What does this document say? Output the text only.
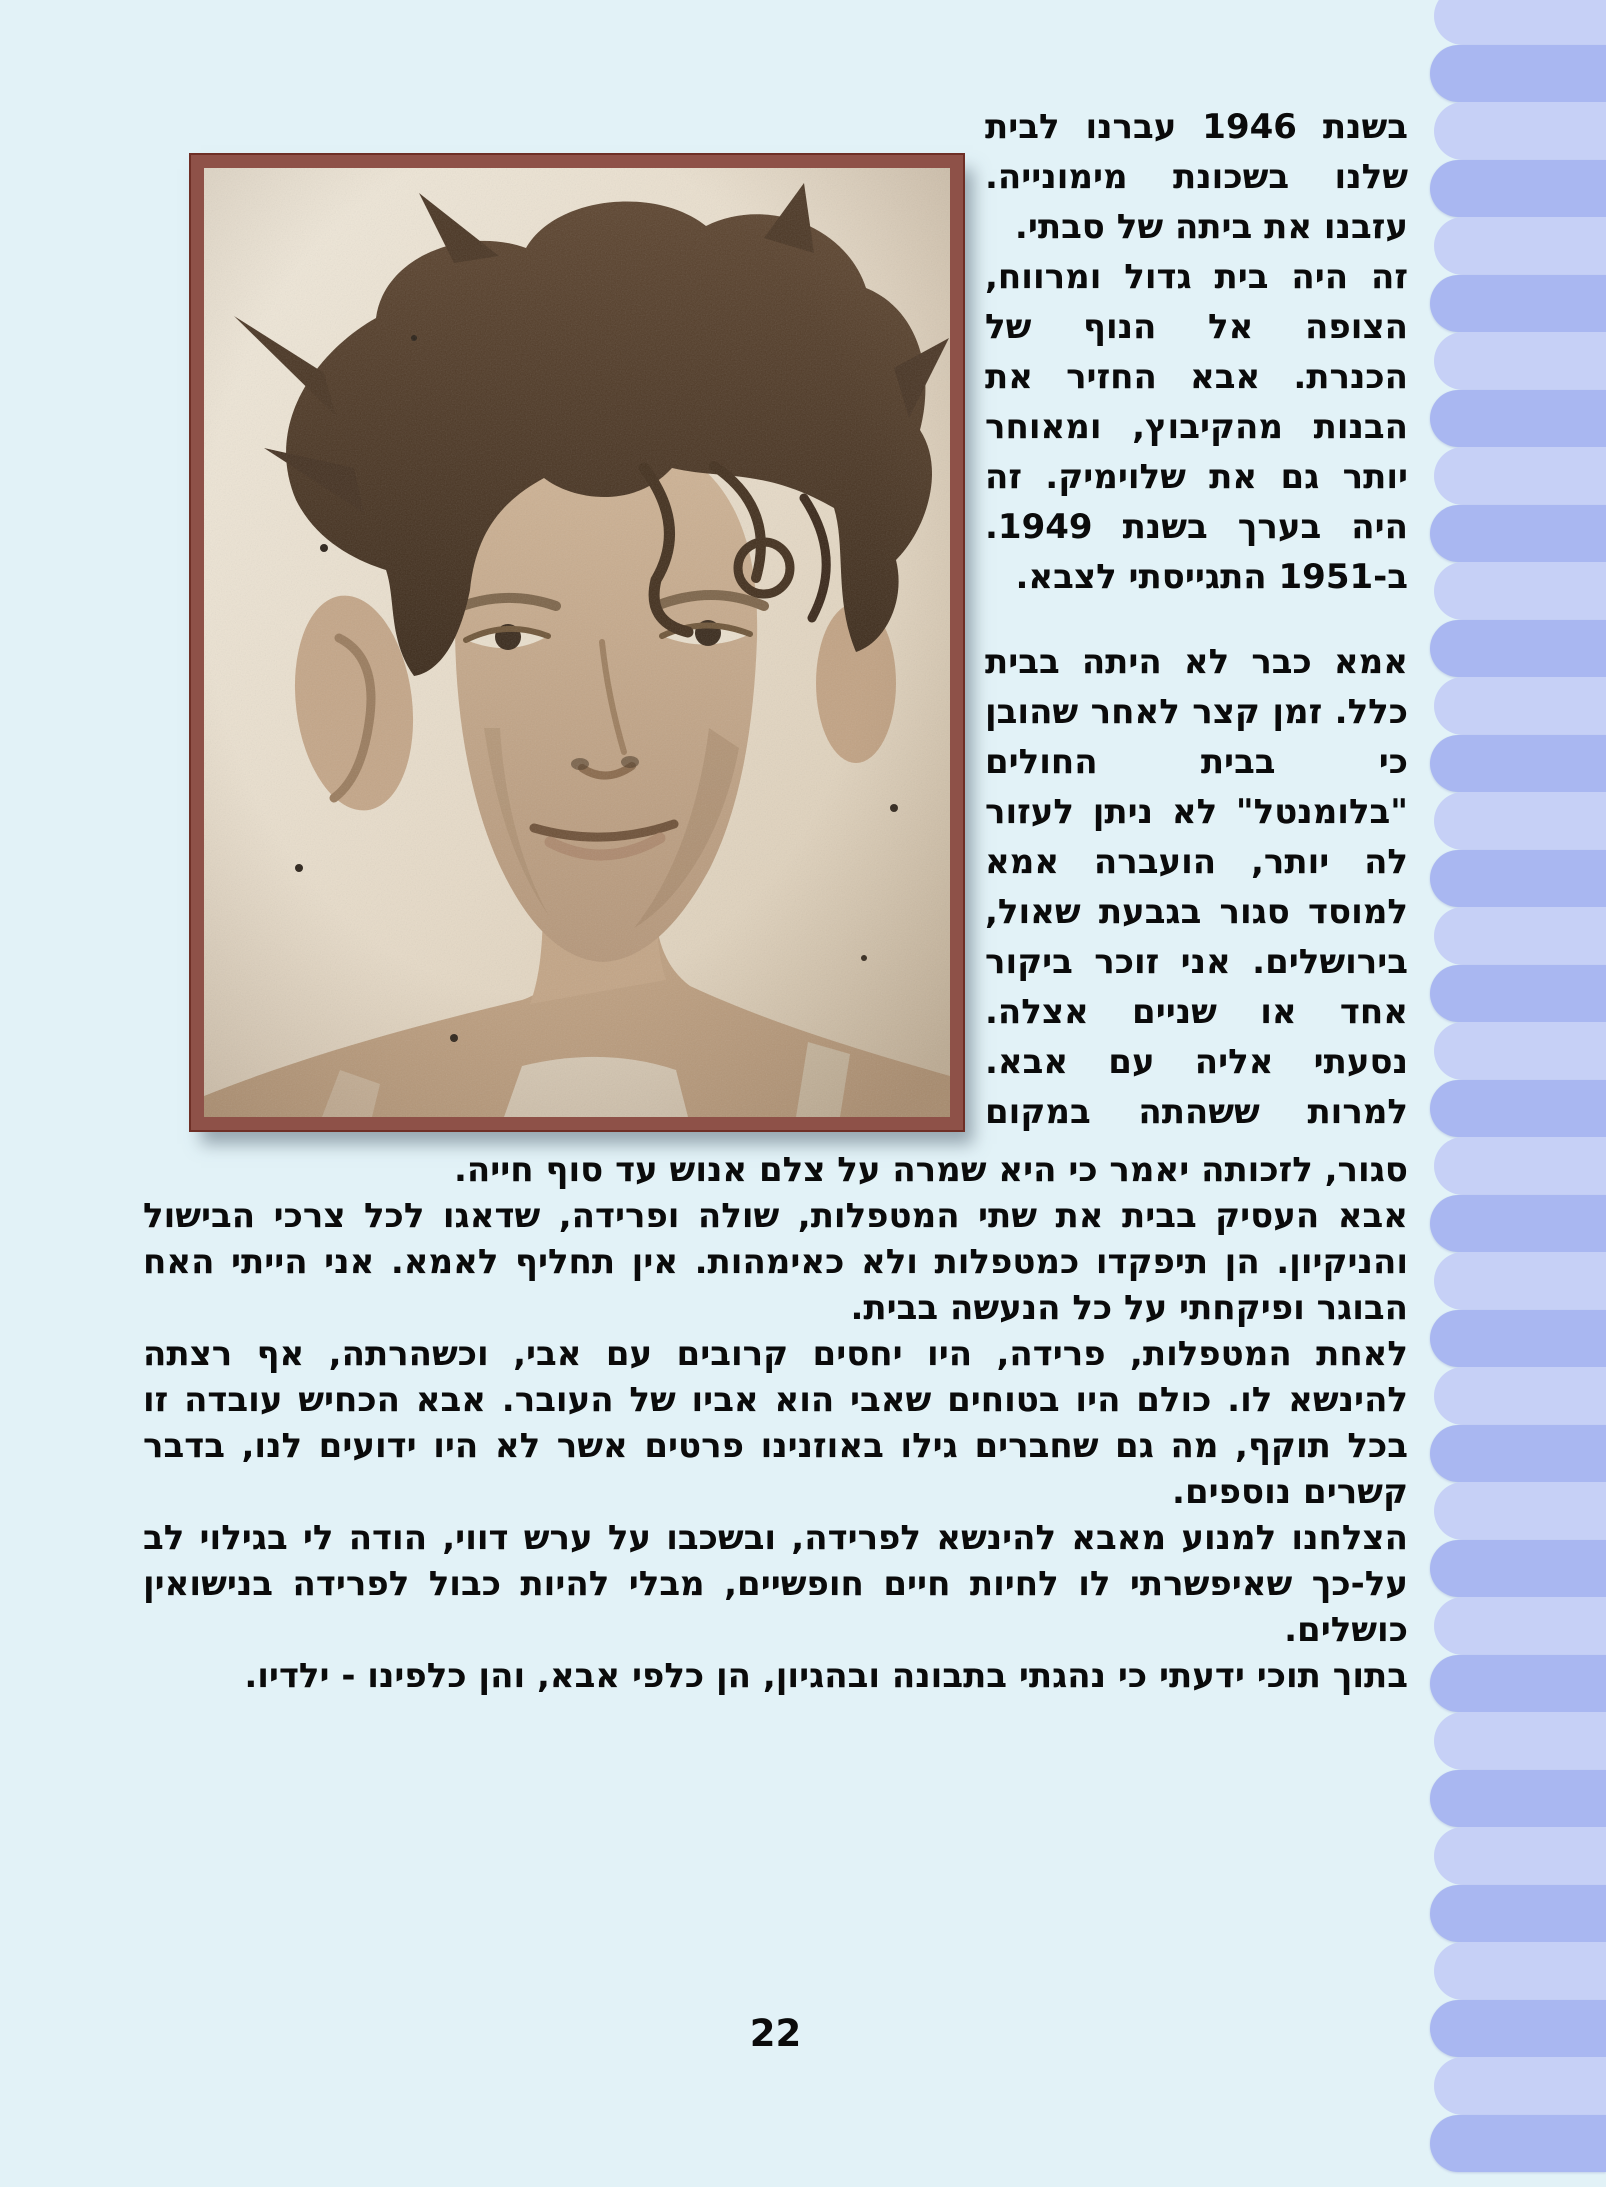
בשנת 1946 עברנו לבית שלנו בשכונת מימונייה. עזבנו את ביתה של סבתי.

זה היה בית גדול ומרווח, הצופה אל הנוף של הכנרת. אבא החזיר את הבנות מהקיבוץ, ומאוחר יותר גם את שלוימיק. זה היה בערך בשנת 1949. ב-1951 התגייסתי לצבא.

אמא כבר לא היתה בבית כלל. זמן קצר לאחר שהובן כי בבית החולים "בלומנטל" לא ניתן לעזור לה יותר, הועברה אמא למוסד סגור בגבעת שאול, בירושלים. אני זוכר ביקור אחד או שניים אצלה. נסעתי אליה עם אבא. למרות ששהתה במקום

סגור, לזכותה יאמר כי היא שמרה על צלם אנוש עד סוף חייה.

אבא העסיק בבית את שתי המטפלות, שולה ופרידה, שדאגו לכל צרכי הבישול והניקיון. הן תיפקדו כמטפלות ולא כאימהות. אין תחליף לאמא. אני הייתי האח הבוגר ופיקחתי על כל הנעשה בבית.

לאחת המטפלות, פרידה, היו יחסים קרובים עם אבי, וכשהרתה, אף רצתה להינשא לו. כולם היו בטוחים שאבי הוא אביו של העובר. אבא הכחיש עובדה זו בכל תוקף, מה גם שחברים גילו באוזנינו פרטים אשר לא היו ידועים לנו, בדבר קשרים נוספים.

הצלחנו למנוע מאבא להינשא לפרידה, ובשכבו על ערש דווי, הודה לי בגילוי לב על-כך שאיפשרתי לו לחיות חיים חופשיים, מבלי להיות כבול לפרידה בנישואין כושלים.

בתוך תוכי ידעתי כי נהגתי בתבונה ובהגיון, הן כלפי אבא, והן כלפינו - ילדיו.

22
